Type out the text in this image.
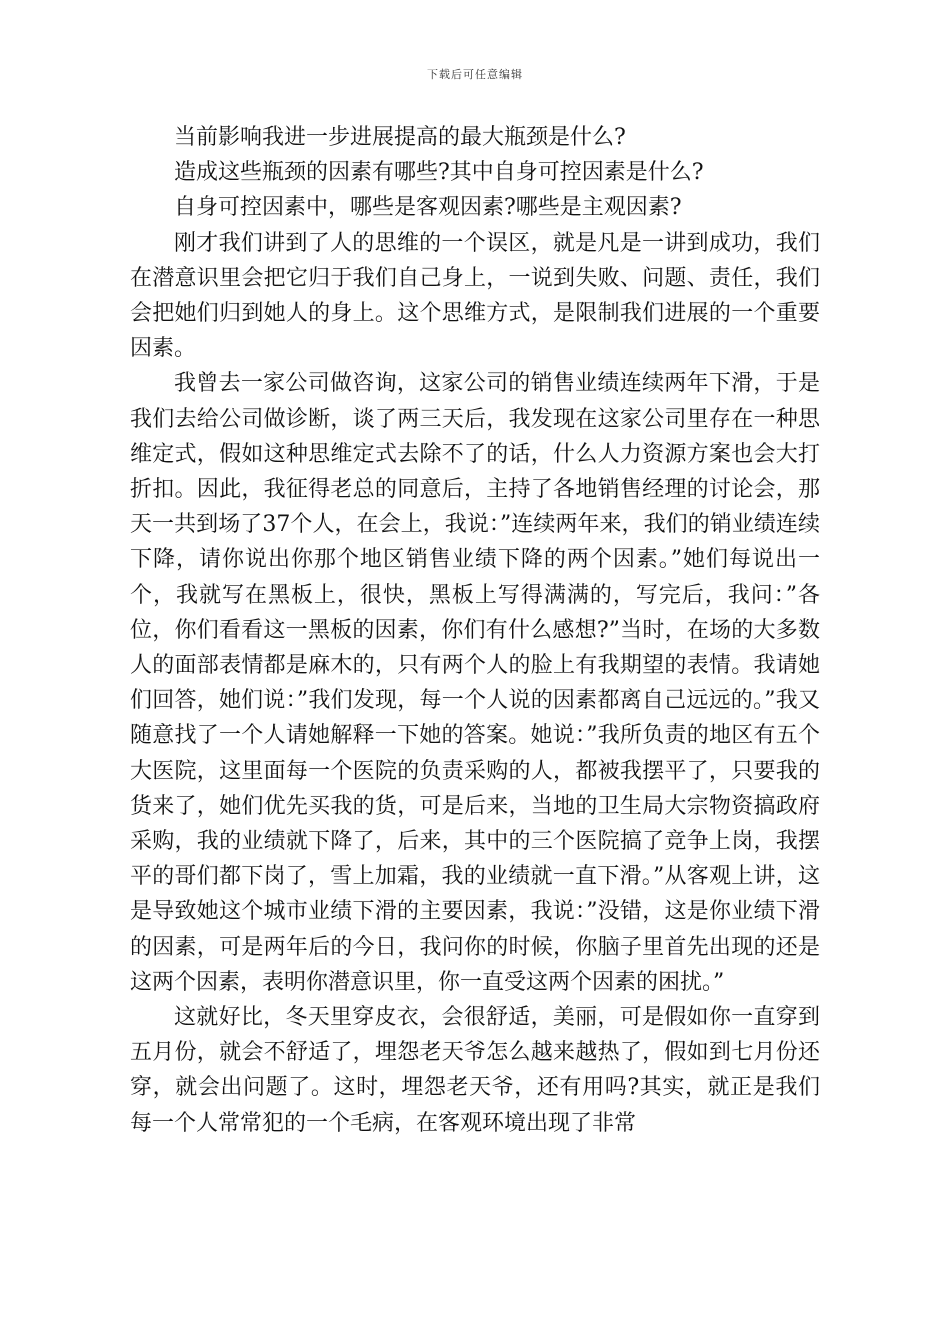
下载后可任意编辑

当前影响我进一步进展提高的最大瓶颈是什么?

造成这些瓶颈的因素有哪些?其中自身可控因素是什么?

自身可控因素中，哪些是客观因素?哪些是主观因素?

刚才我们讲到了人的思维的一个误区，就是凡是一讲到成功，我们在潜意识里会把它归于我们自己身上，一说到失败、问题、责任，我们会把她们归到她人的身上。这个思维方式，是限制我们进展的一个重要因素。

我曾去一家公司做咨询，这家公司的销售业绩连续两年下滑，于是我们去给公司做诊断，谈了两三天后，我发现在这家公司里存在一种思维定式，假如这种思维定式去除不了的话，什么人力资源方案也会大打折扣。因此，我征得老总的同意后，主持了各地销售经理的讨论会，那天一共到场了37个人，在会上，我说：”连续两年来，我们的销业绩连续下降，请你说出你那个地区销售业绩下降的两个因素。”她们每说出一个，我就写在黑板上，很快，黑板上写得满满的，写完后，我问：”各位，你们看看这一黑板的因素，你们有什么感想?”当时，在场的大多数人的面部表情都是麻木的，只有两个人的脸上有我期望的表情。我请她们回答，她们说：”我们发现，每一个人说的因素都离自己远远的。”我又随意找了一个人请她解释一下她的答案。她说：”我所负责的地区有五个大医院，这里面每一个医院的负责采购的人，都被我摆平了，只要我的货来了，她们优先买我的货，可是后来，当地的卫生局大宗物资搞政府采购，我的业绩就下降了，后来，其中的三个医院搞了竞争上岗，我摆平的哥们都下岗了，雪上加霜，我的业绩就一直下滑。”从客观上讲，这是导致她这个城市业绩下滑的主要因素，我说：”没错，这是你业绩下滑的因素，可是两年后的今日，我问你的时候，你脑子里首先出现的还是这两个因素，表明你潜意识里，你一直受这两个因素的困扰。”

这就好比，冬天里穿皮衣，会很舒适，美丽，可是假如你一直穿到五月份，就会不舒适了，埋怨老天爷怎么越来越热了，假如到七月份还穿，就会出问题了。这时，埋怨老天爷，还有用吗?其实，就正是我们每一个人常常犯的一个毛病，在客观环境出现了非常
